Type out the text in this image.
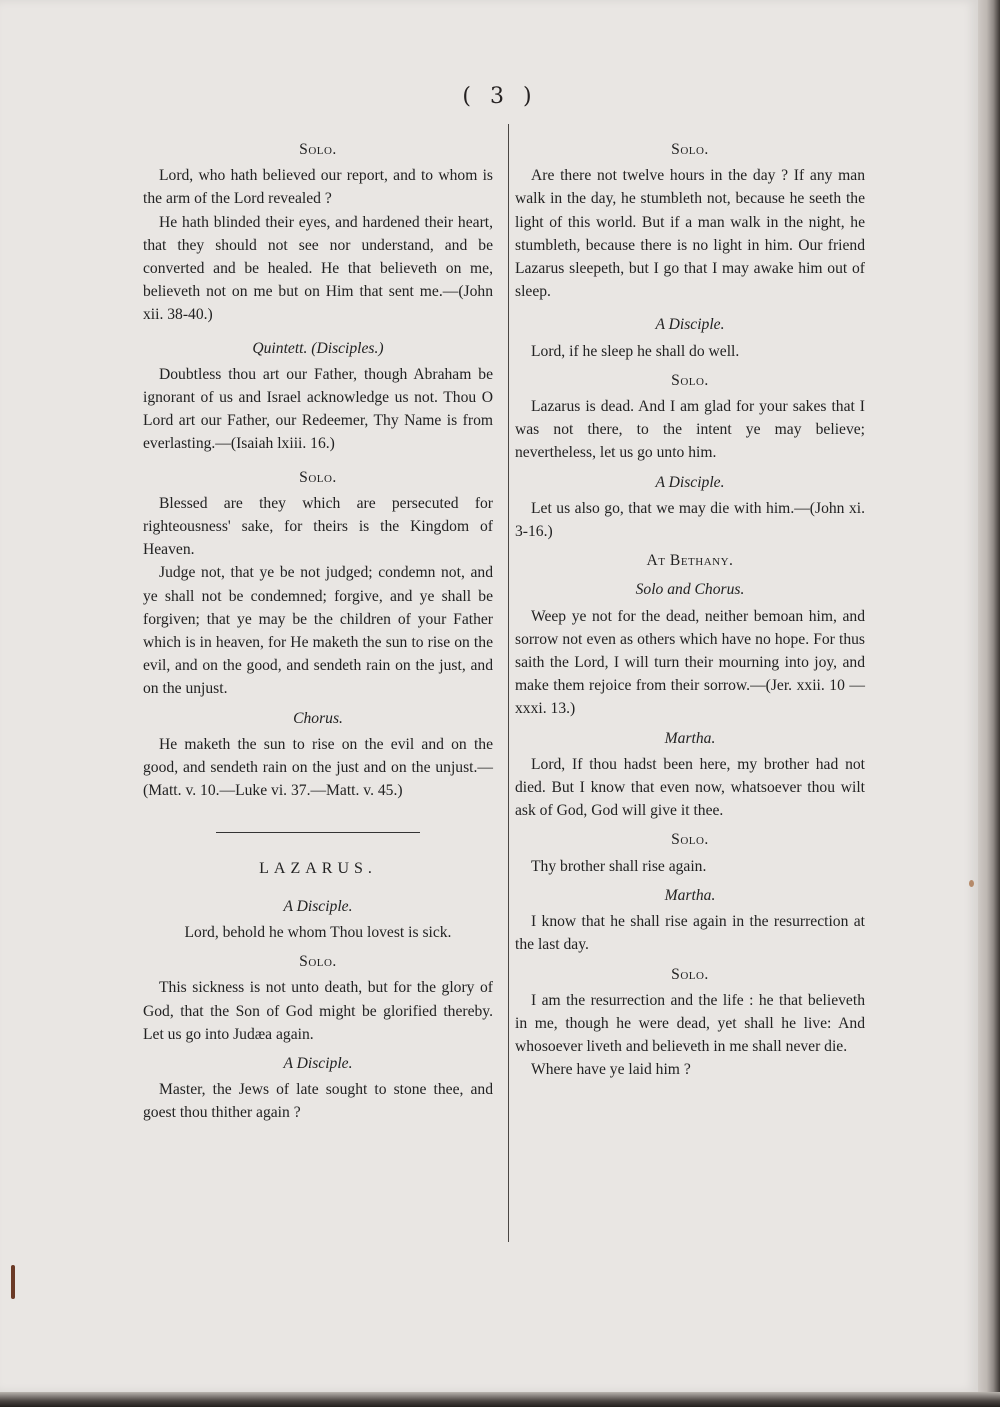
( 3 )
Solo.

Lord, who hath believed our report, and to whom is the arm of the Lord revealed ?

He hath blinded their eyes, and hardened their heart, that they should not see nor understand, and be converted and be healed. He that believeth on me, believeth not on me but on Him that sent me.—(John xii. 38-40.)

Quintett. (Disciples.)

Doubtless thou art our Father, though Abraham be ignorant of us and Israel acknowledge us not. Thou O Lord art our Father, our Redeemer, Thy Name is from everlasting.—(Isaiah lxiii. 16.)

Solo.

Blessed are they which are persecuted for righteousness' sake, for theirs is the Kingdom of Heaven.

Judge not, that ye be not judged; condemn not, and ye shall not be condemned; forgive, and ye shall be forgiven; that ye may be the children of your Father which is in heaven, for He maketh the sun to rise on the evil, and on the good, and sendeth rain on the just, and on the unjust.

Chorus.

He maketh the sun to rise on the evil and on the good, and sendeth rain on the just and on the unjust.—(Matt. v. 10.—Luke vi. 37.—Matt. v. 45.)

LAZARUS.
A Disciple.

Lord, behold he whom Thou lovest is sick.

Solo.

This sickness is not unto death, but for the glory of God, that the Son of God might be glorified thereby. Let us go into Judæa again.

A Disciple.

Master, the Jews of late sought to stone thee, and goest thou thither again ?

Solo.

Are there not twelve hours in the day ? If any man walk in the day, he stumbleth not, because he seeth the light of this world. But if a man walk in the night, he stumbleth, because there is no light in him. Our friend Lazarus sleepeth, but I go that I may awake him out of sleep.

A Disciple.

Lord, if he sleep he shall do well.

Solo.

Lazarus is dead. And I am glad for your sakes that I was not there, to the intent ye may believe; nevertheless, let us go unto him.

A Disciple.

Let us also go, that we may die with him.—(John xi. 3-16.)

At Bethany.
Solo and Chorus.

Weep ye not for the dead, neither bemoan him, and sorrow not even as others which have no hope. For thus saith the Lord, I will turn their mourning into joy, and make them rejoice from their sorrow.—(Jer. xxii. 10 —xxxi. 13.)

Martha.

Lord, If thou hadst been here, my brother had not died. But I know that even now, whatsoever thou wilt ask of God, God will give it thee.

Solo.

Thy brother shall rise again.

Martha.

I know that he shall rise again in the resurrection at the last day.

Solo.

I am the resurrection and the life : he that believeth in me, though he were dead, yet shall he live: And whosoever liveth and believeth in me shall never die.

Where have ye laid him ?
